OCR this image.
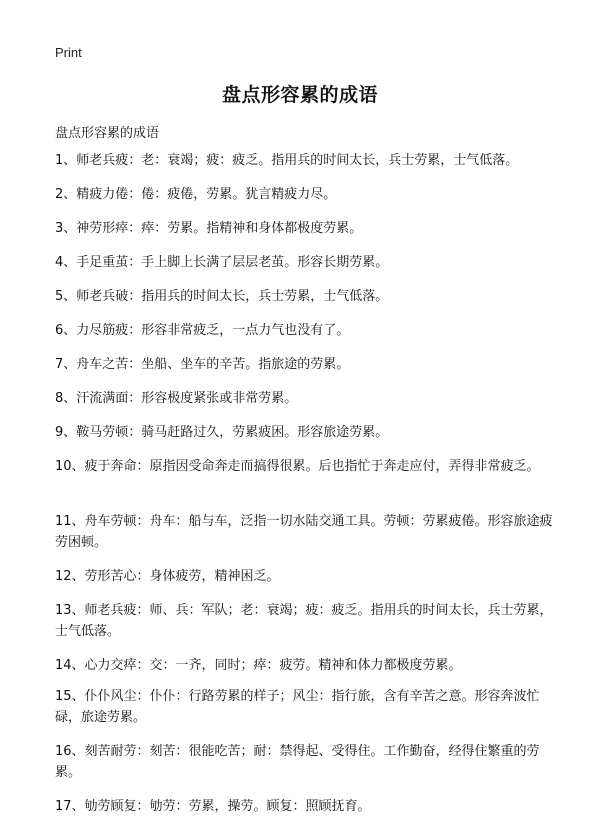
Print
盘点形容累的成语
盘点形容累的成语
1、师老兵疲：老：衰竭；疲：疲乏。指用兵的时间太长，兵士劳累，士气低落。
2、精疲力倦：倦：疲倦，劳累。犹言精疲力尽。
3、神劳形瘁：瘁：劳累。指精神和身体都极度劳累。
4、手足重茧：手上脚上长满了层层老茧。形容长期劳累。
5、师老兵破：指用兵的时间太长，兵士劳累，士气低落。
6、力尽筋疲：形容非常疲乏，一点力气也没有了。
7、舟车之苦：坐船、坐车的辛苦。指旅途的劳累。
8、汗流满面：形容极度紧张或非常劳累。
9、鞍马劳顿：骑马赶路过久，劳累疲困。形容旅途劳累。
10、疲于奔命：原指因受命奔走而搞得很累。后也指忙于奔走应付，弄得非常疲乏。
11、舟车劳顿：舟车：船与车，泛指一切水陆交通工具。劳顿：劳累疲倦。形容旅途疲劳困顿。
12、劳形苦心：身体疲劳，精神困乏。
13、师老兵疲：师、兵：军队；老：衰竭；疲：疲乏。指用兵的时间太长，兵士劳累，士气低落。
14、心力交瘁：交：一齐，同时；瘁：疲劳。精神和体力都极度劳累。
15、仆仆风尘：仆仆：行路劳累的样子；风尘：指行旅，含有辛苦之意。形容奔波忙碌，旅途劳累。
16、刻苦耐劳：刻苦：很能吃苦；耐：禁得起、受得住。工作勤奋，经得住繁重的劳累。
17、劬劳顾复：劬劳：劳累，操劳。顾复：照顾抚育。
